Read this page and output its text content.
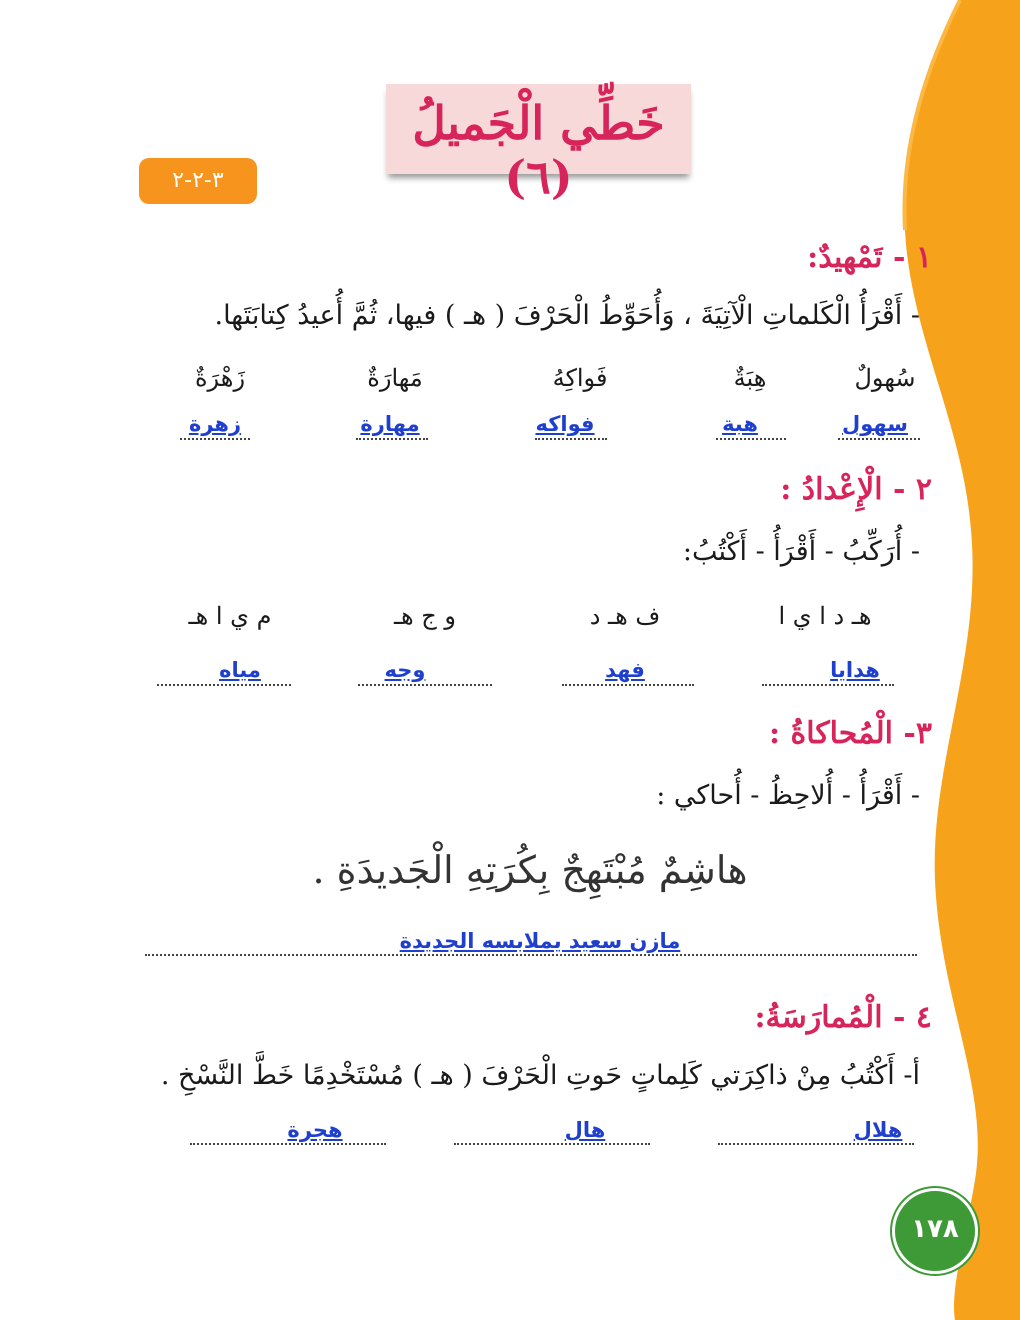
خَطِّي الْجَميلُ (٦)
٣-٢-٢
١ - تَمْهيدٌ:
- أَقْرَأُ الْكَلماتِ الْآتِيَةَ ، وَأُحَوِّطُ الْحَرْفَ ( هـ ) فيها، ثُمَّ أُعيدُ كِتابَتَها.
سُهولٌ
هِبَةٌ
فَواكِهُ
مَهارَةٌ
زَهْرَةٌ
سهول
هبة
فواكه
مهارة
زهرة
٢ - الْإِعْدادُ :
- أُرَكِّبُ - أَقْرَأُ - أَكْتُبُ:
هـ د ا ي ا
ف هـ د
و ج هـ
م ي ا هـ
هدايا
فهد
وجه
مياه
٣- الْمُحاكاةُ :
- أَقْرَأُ - أُلاحِظُ - أُحاكي :
هاشِمٌ مُبْتَهِجٌ بِكُرَتِهِ الْجَديدَةِ .
مازن سعيد يملابسه الجديدة
٤ - الْمُمارَسَةُ:
أ- أَكْتُبُ مِنْ ذاكِرَتي كَلِماتٍ حَوتِ الْحَرْفَ ( هـ ) مُسْتَخْدِمًا خَطَّ النَّسْخِ .
هلال
هال
هجرة
١٧٨
